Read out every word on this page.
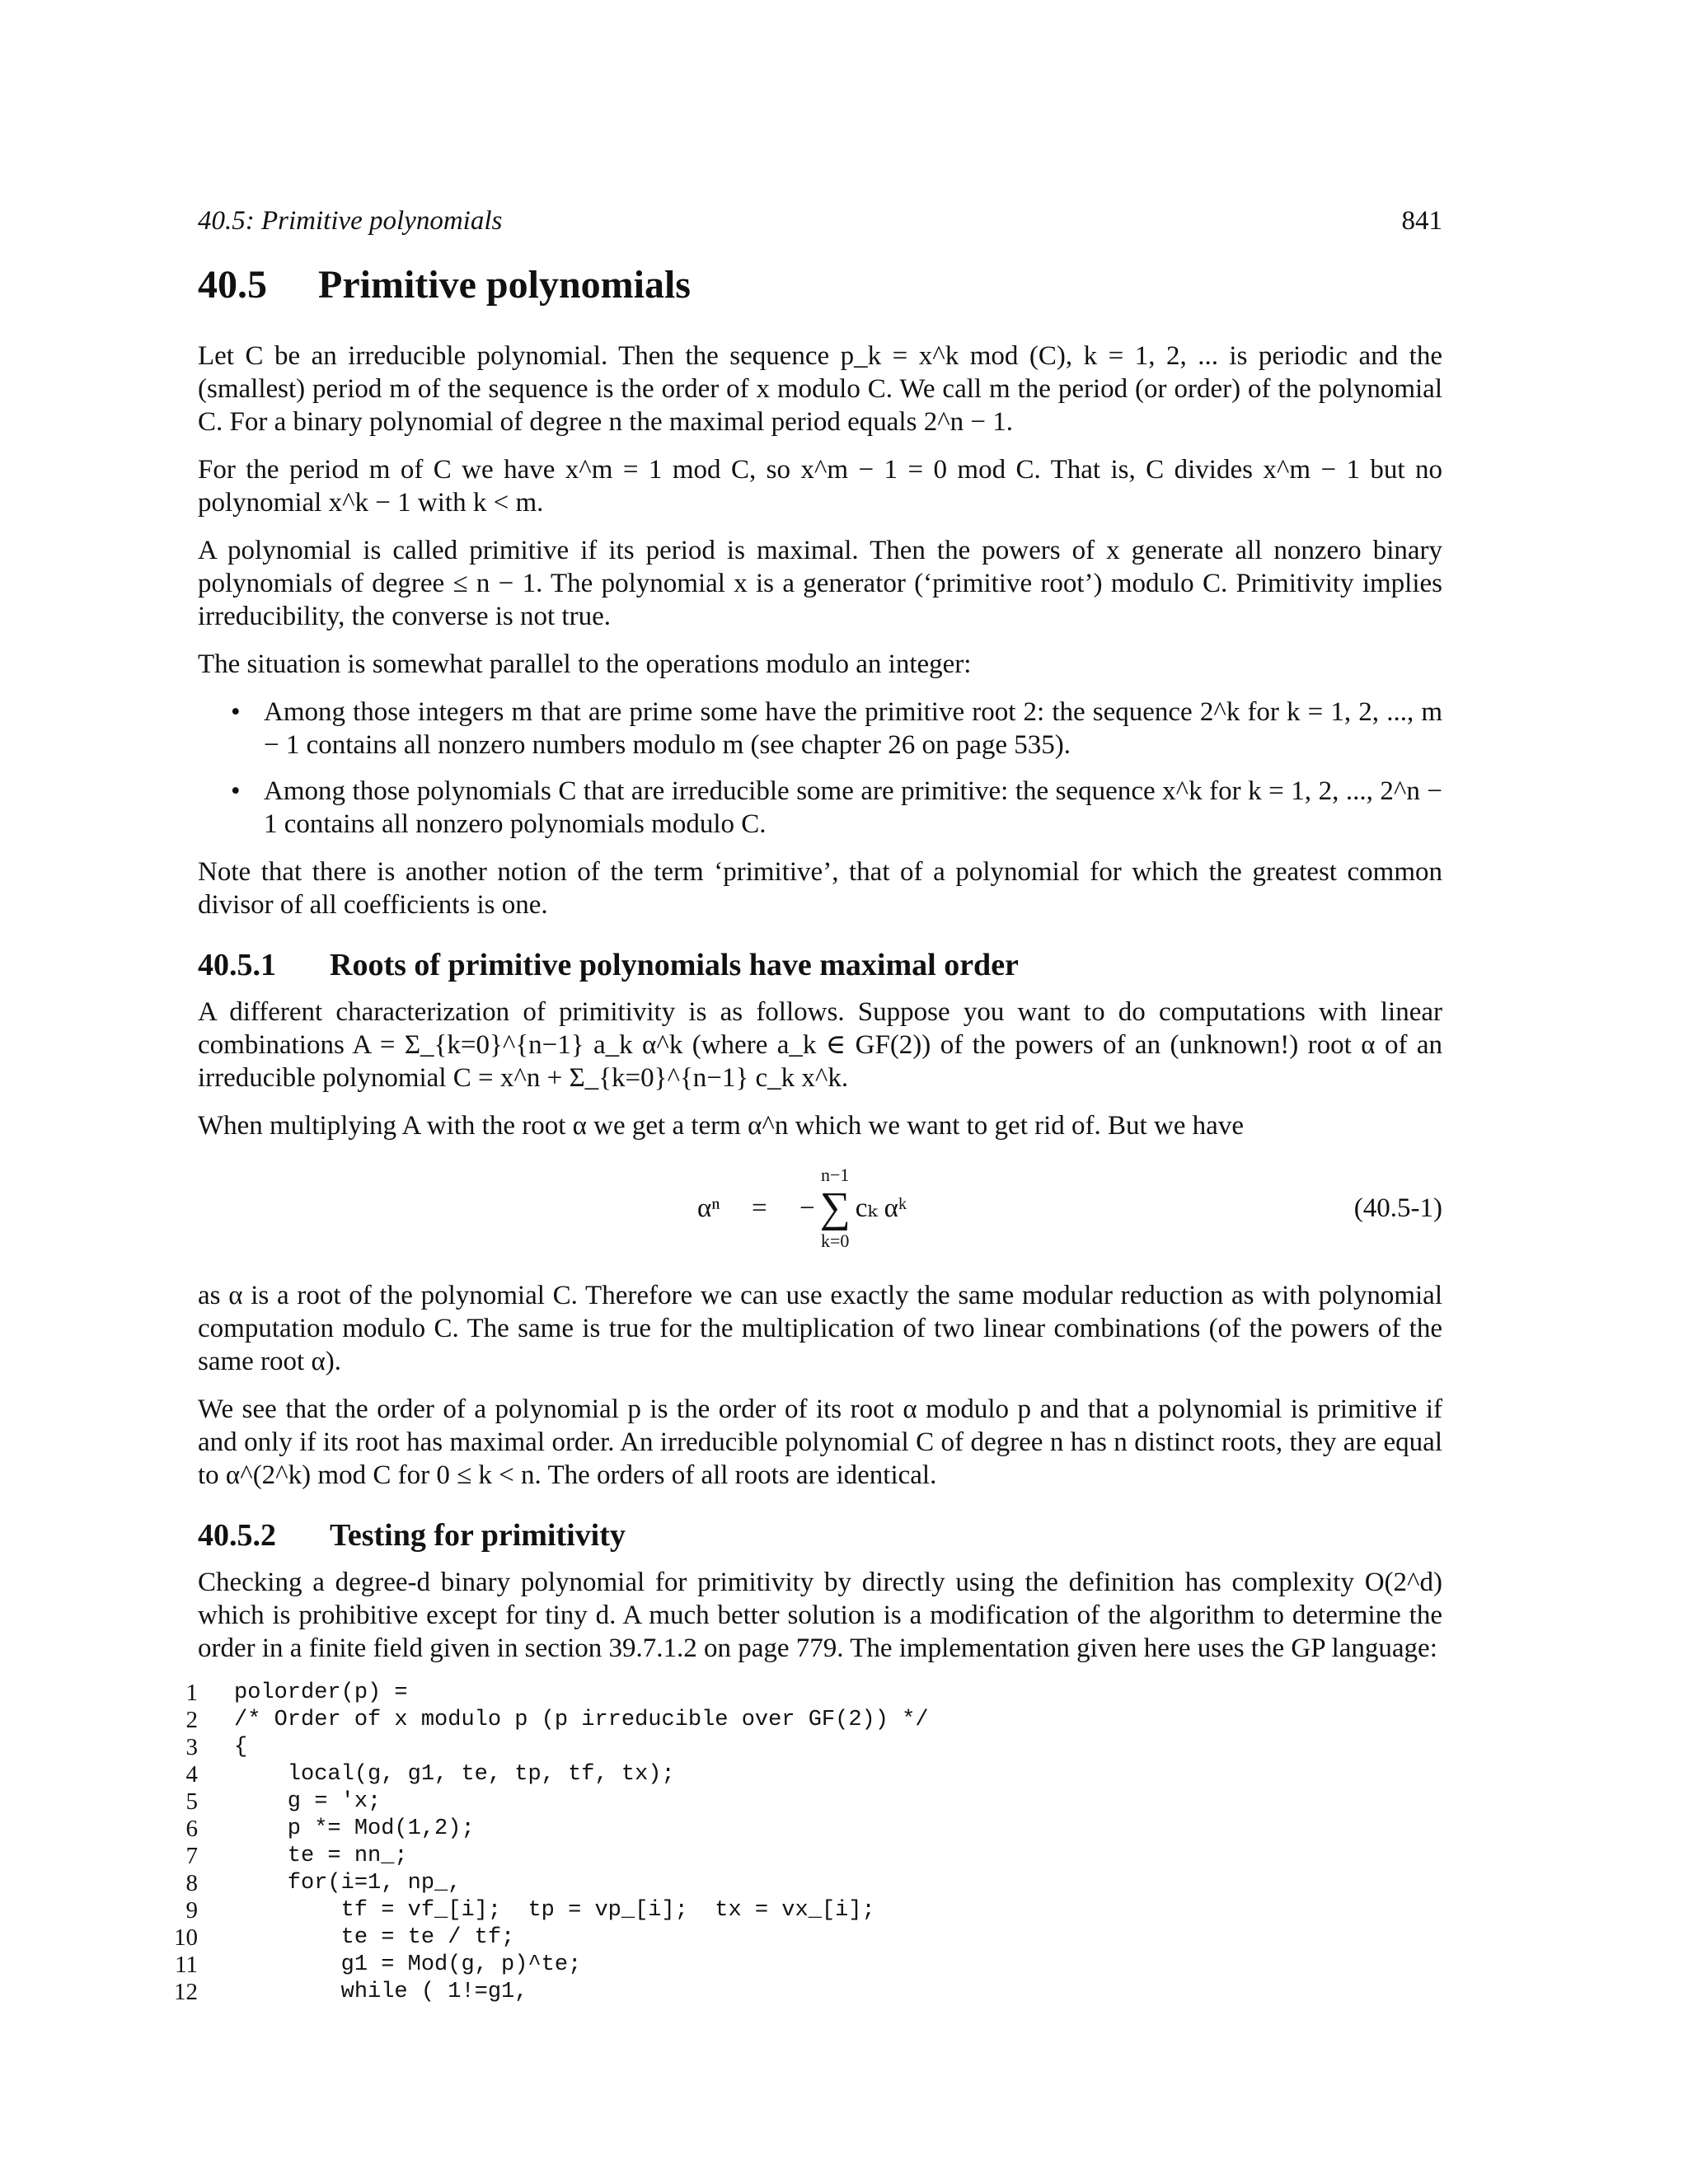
40.5: Primitive polynomials	841
40.5 Primitive polynomials

Let C be an irreducible polynomial. Then the sequence p_k = x^k mod (C), k = 1, 2, ... is periodic and the (smallest) period m of the sequence is the order of x modulo C. We call m the period (or order) of the polynomial C. For a binary polynomial of degree n the maximal period equals 2^n − 1.

For the period m of C we have x^m = 1 mod C, so x^m − 1 = 0 mod C. That is, C divides x^m − 1 but no polynomial x^k − 1 with k < m.

A polynomial is called primitive if its period is maximal. Then the powers of x generate all nonzero binary polynomials of degree ≤ n − 1. The polynomial x is a generator (‘primitive root’) modulo C. Primitivity implies irreducibility, the converse is not true.

The situation is somewhat parallel to the operations modulo an integer:

• Among those integers m that are prime some have the primitive root 2: the sequence 2^k for k = 1, 2, ..., m − 1 contains all nonzero numbers modulo m (see chapter 26 on page 535).
• Among those polynomials C that are irreducible some are primitive: the sequence x^k for k = 1, 2, ..., 2^n − 1 contains all nonzero polynomials modulo C.

Note that there is another notion of the term ‘primitive’, that of a polynomial for which the greatest common divisor of all coefficients is one.

40.5.1 Roots of primitive polynomials have maximal order

A different characterization of primitivity is as follows. Suppose you want to do computations with linear combinations A = Σ_{k=0}^{n−1} a_k α^k (where a_k ∈ GF(2)) of the powers of an (unknown!) root α of an irreducible polynomial C = x^n + Σ_{k=0}^{n−1} c_k x^k.

When multiplying A with the root α we get a term α^n which we want to get rid of. But we have

αⁿ = −
n−1
∑
k=0
cₖ αᵏ	(40.5-1)

as α is a root of the polynomial C. Therefore we can use exactly the same modular reduction as with polynomial computation modulo C. The same is true for the multiplication of two linear combinations (of the powers of the same root α).

We see that the order of a polynomial p is the order of its root α modulo p and that a polynomial is primitive if and only if its root has maximal order. An irreducible polynomial C of degree n has n distinct roots, they are equal to α^(2^k) mod C for 0 ≤ k < n. The orders of all roots are identical.

40.5.2 Testing for primitivity

Checking a degree-d binary polynomial for primitivity by directly using the definition has complexity O(2^d) which is prohibitive except for tiny d. A much better solution is a modification of the algorithm to determine the order in a finite field given in section 39.7.1.2 on page 779. The implementation given here uses the GP language:

1 polorder(p) =
2 /* Order of x modulo p (p irreducible over GF(2)) */
3 {
4 local(g, g1, te, tp, tf, tx);
5 g = 'x;
6 p *= Mod(1,2);
7 te = nn_;
8 for(i=1, np_,
9 tf = vf_[i];  tp = vp_[i];  tx = vx_[i];
10 te = te / tf;
11 g1 = Mod(g, p)^te;
12 while ( 1!=g1,
